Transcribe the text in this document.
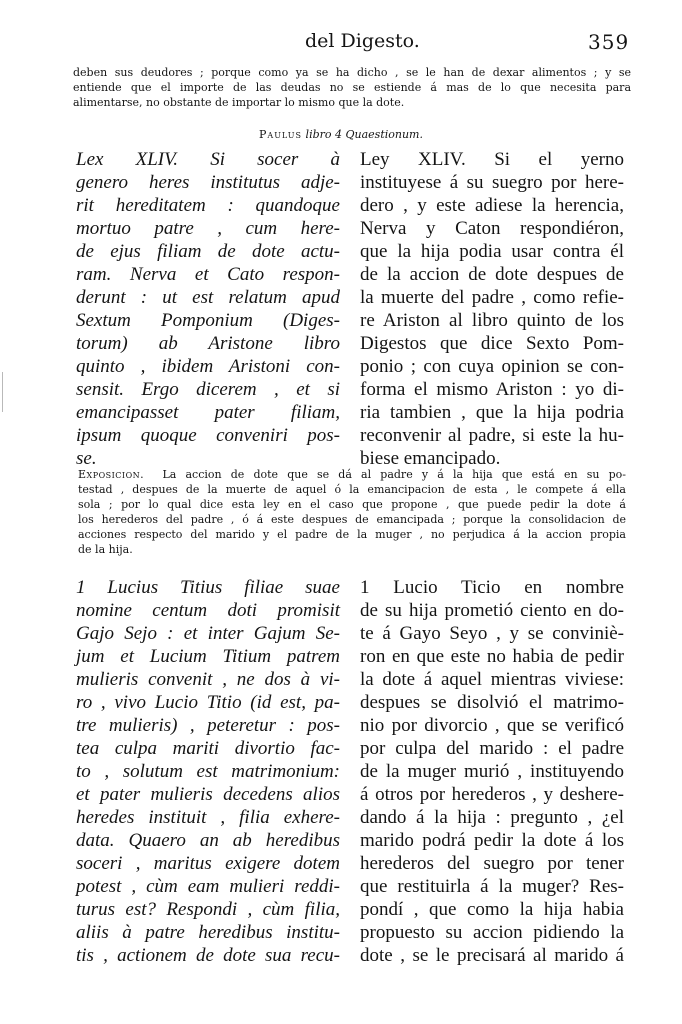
del Digesto.	359
deben sus deudores ; porque como ya se ha dicho , se le han de dexar alimentos ; y se
entiende que el importe de las deudas no se estiende á mas de lo que necesita para
alimentarse, no obstante de importar lo mismo que la dote.
Paulus libro 4 Quaestionum.
Lex XLIV. Si socer à
genero heres institutus adje-
rit hereditatem : quandoque
mortuo patre , cum here-
de ejus filiam de dote actu-
ram. Nerva et Cato respon-
derunt : ut est relatum apud
Sextum Pomponium (Diges-
torum) ab Aristone libro
quinto , ibidem Aristoni con-
sensit. Ergo dicerem , et si
emancipasset pater filiam,
ipsum quoque conveniri pos-
se.
Ley XLIV. Si el yerno
instituyese á su suegro por here-
dero , y este adiese la herencia,
Nerva y Caton respondiéron,
que la hija podia usar contra él
de la accion de dote despues de
la muerte del padre , como refie-
re Ariston al libro quinto de los
Digestos que dice Sexto Pom-
ponio ; con cuya opinion se con-
forma el mismo Ariston : yo di-
ria tambien , que la hija podria
reconvenir al padre, si este la hu-
biese emancipado.
Exposicion. La accion de dote que se dá al padre y á la hija que está en su po-
testad , despues de la muerte de aquel ó la emancipacion de esta , le compete á ella
sola ; por lo qual dice esta ley en el caso que propone , que puede pedir la dote á
los herederos del padre , ó á este despues de emancipada ; porque la consolidacion de
acciones respecto del marido y el padre de la muger , no perjudica á la accion propia
de la hija.
1 Lucius Titius filiae suae
nomine centum doti promisit
Gajo Sejo : et inter Gajum Se-
jum et Lucium Titium patrem
mulieris convenit , ne dos à vi-
ro , vivo Lucio Titio (id est, pa-
tre mulieris) , peteretur : pos-
tea culpa mariti divortio fac-
to , solutum est matrimonium:
et pater mulieris decedens alios
heredes instituit , filia exhere-
data. Quaero an ab heredibus
soceri , maritus exigere dotem
potest , cùm eam mulieri reddi-
turus est? Respondi , cùm filia,
aliis à patre heredibus institu-
tis , actionem de dote sua recu-
1 Lucio Ticio en nombre
de su hija prometió ciento en do-
te á Gayo Seyo , y se conviniè-
ron en que este no habia de pedir
la dote á aquel mientras viviese:
despues se disolvió el matrimo-
nio por divorcio , que se verificó
por culpa del marido : el padre
de la muger murió , instituyendo
á otros por herederos , y deshere-
dando á la hija : pregunto , ¿el
marido podrá pedir la dote á los
herederos del suegro por tener
que restituirla á la muger? Res-
pondí , que como la hija habia
propuesto su accion pidiendo la
dote , se le precisará al marido á
